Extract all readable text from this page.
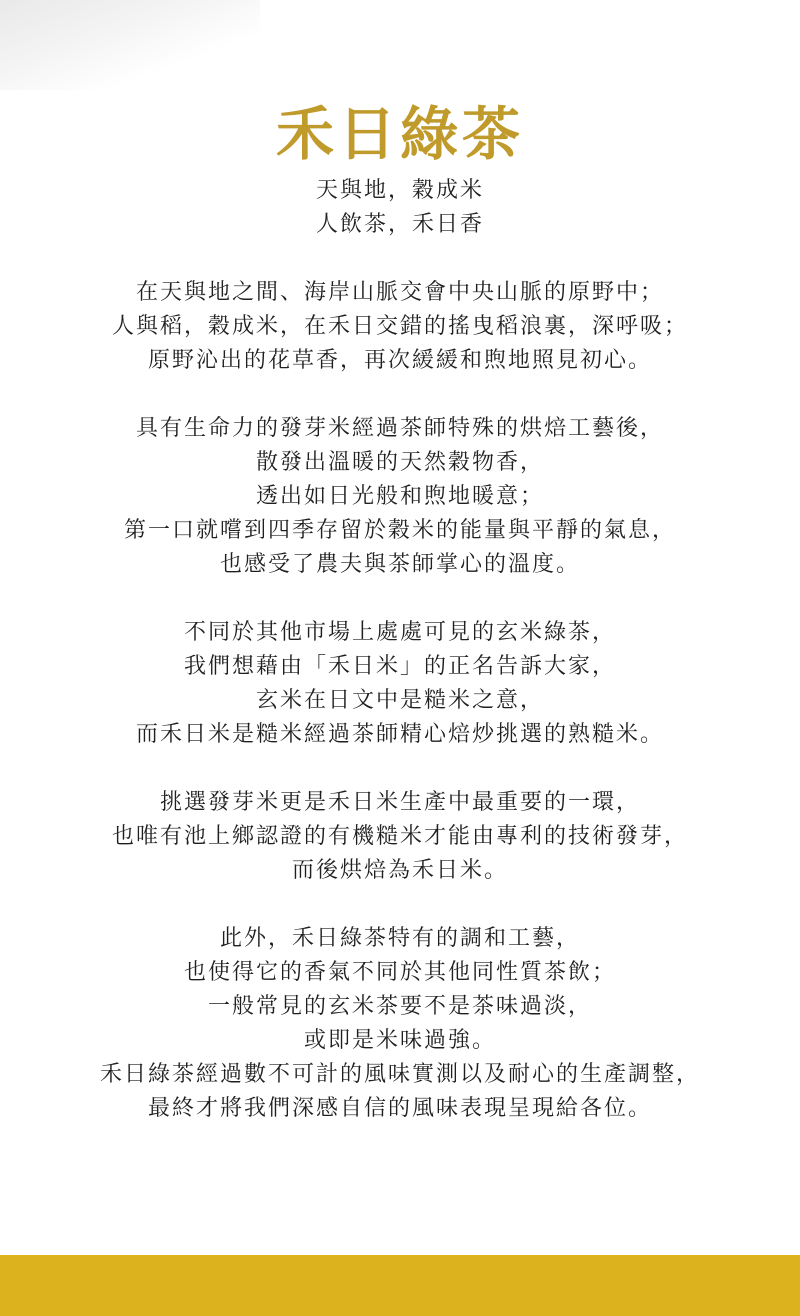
禾日綠茶

天與地，穀成米
人飲茶，禾日香

在天與地之間、海岸山脈交會中央山脈的原野中；
人與稻，穀成米，在禾日交錯的搖曳稻浪裏，深呼吸；
原野沁出的花草香，再次緩緩和煦地照見初心。

具有生命力的發芽米經過茶師特殊的烘焙工藝後，
散發出溫暖的天然穀物香，
透出如日光般和煦地暖意；
第一口就嚐到四季存留於穀米的能量與平靜的氣息，
也感受了農夫與茶師掌心的溫度。

不同於其他市場上處處可見的玄米綠茶，
我們想藉由「禾日米」的正名告訴大家，
玄米在日文中是糙米之意，
而禾日米是糙米經過茶師精心焙炒挑選的熟糙米。

挑選發芽米更是禾日米生產中最重要的一環，
也唯有池上鄉認證的有機糙米才能由專利的技術發芽，
而後烘焙為禾日米。

此外，禾日綠茶特有的調和工藝，
也使得它的香氣不同於其他同性質茶飲；
一般常見的玄米茶要不是茶味過淡，
或即是米味過強。
禾日綠茶經過數不可計的風味實測以及耐心的生產調整，
最終才將我們深感自信的風味表現呈現給各位。
